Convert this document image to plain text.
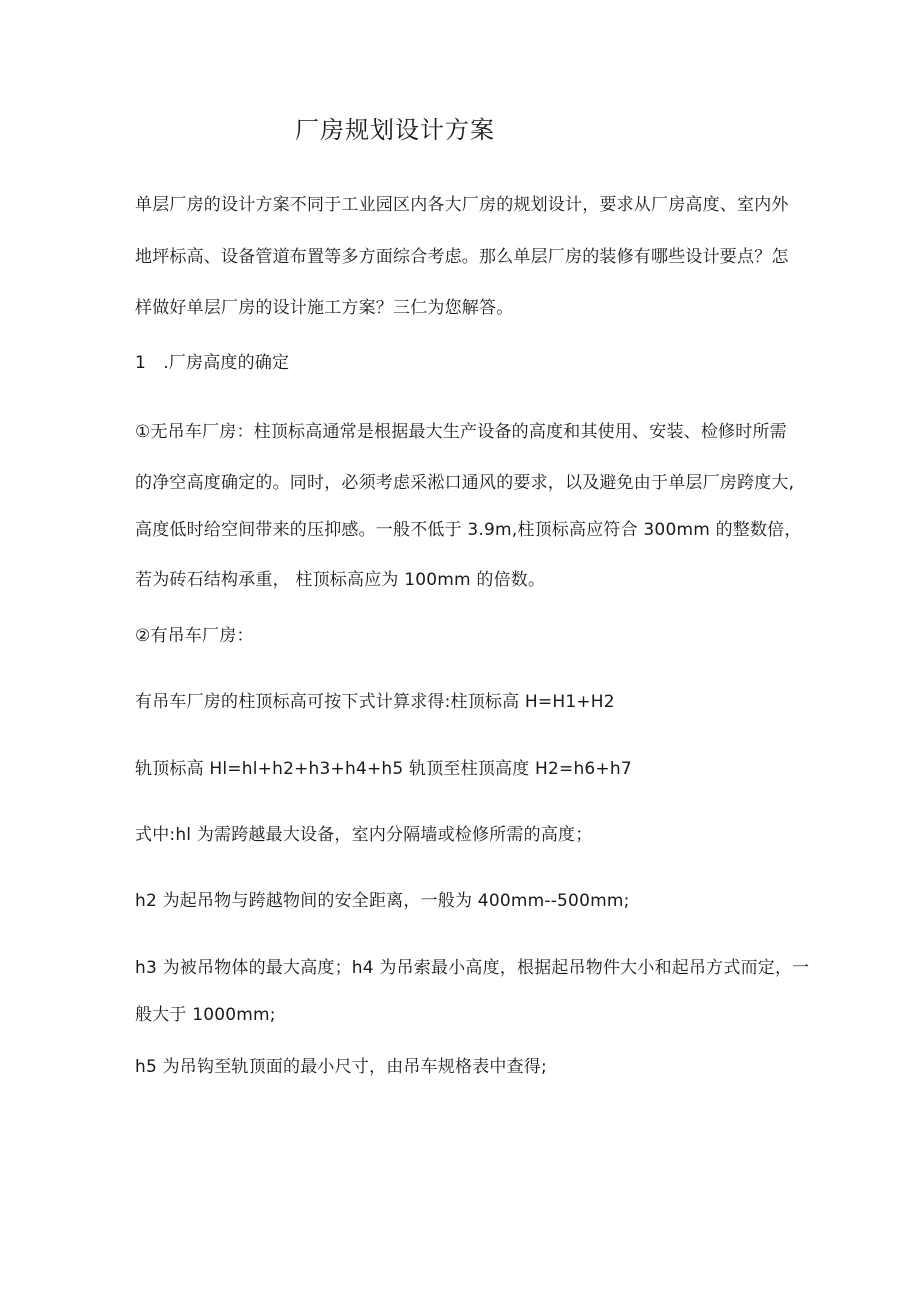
厂房规划设计方案
单层厂房的设计方案不同于工业园区内各大厂房的规划设计，要求从厂房高度、室内外
地坪标高、设备管道布置等多方面综合考虑。那么单层厂房的装修有哪些设计要点？怎
样做好单层厂房的设计施工方案？三仁为您解答。
1　.厂房高度的确定
①无吊车厂房：柱顶标高通常是根据最大生产设备的高度和其使用、安装、检修时所需
的净空高度确定的。同时，必须考虑采淞口通风的要求，以及避免由于单层厂房跨度大,
高度低时给空间带来的压抑感。一般不低于 3.9m,柱顶标高应符合 300mm 的整数倍，
若为砖石结构承重， 柱顶标高应为 100mm 的倍数。
②有吊车厂房：
有吊车厂房的柱顶标高可按下式计算求得:柱顶标高 H=H1+H2
轨顶标高 Hl=hl+h2+h3+h4+h5 轨顶至柱顶高度 H2=h6+h7
式中:hl 为需跨越最大设备，室内分隔墙或检修所需的高度；
h2 为起吊物与跨越物间的安全距离，一般为 400mm--500mm;
h3 为被吊物体的最大高度；h4 为吊索最小高度，根据起吊物件大小和起吊方式而定，一
般大于 1000mm;
h5 为吊钩至轨顶面的最小尺寸，由吊车规格表中查得;
